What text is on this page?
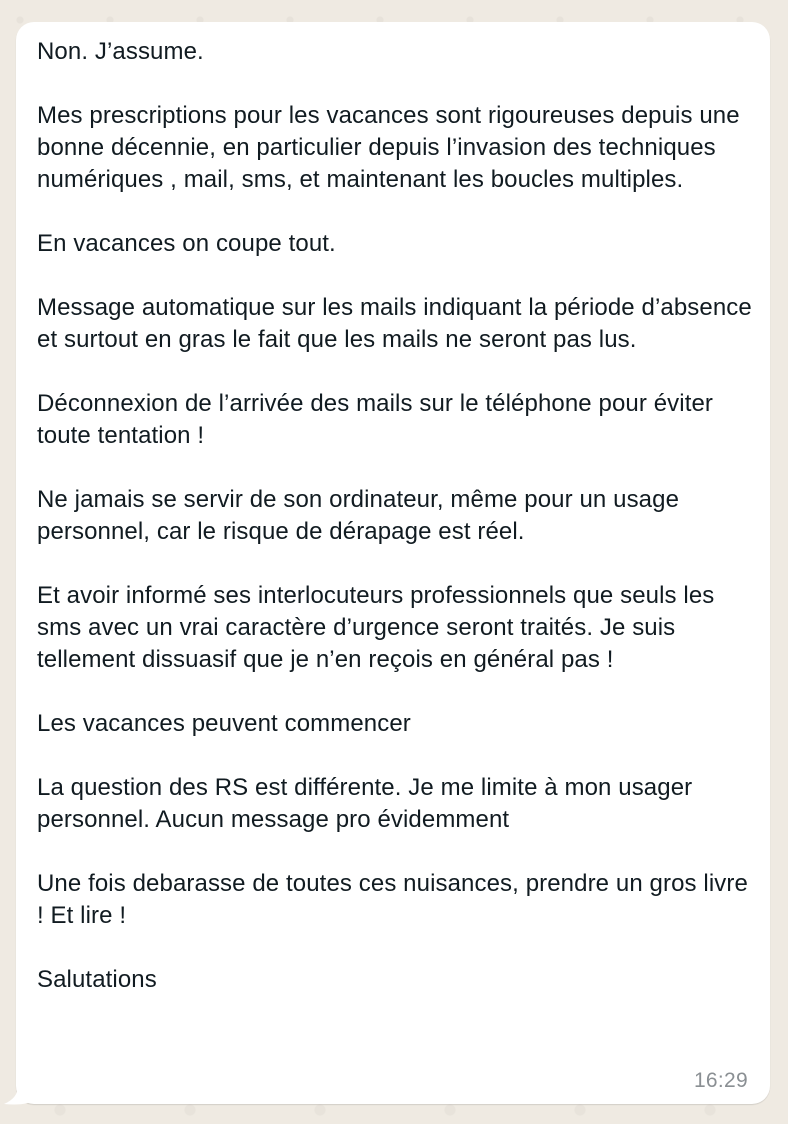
Non. J’assume.

Mes prescriptions pour les vacances sont rigoureuses depuis une bonne décennie, en particulier depuis l’invasion des techniques numériques , mail, sms, et maintenant les boucles multiples.

En vacances on coupe tout.

Message automatique sur les mails indiquant la période d’absence et surtout en gras le fait que les mails ne seront pas lus.

Déconnexion de l’arrivée des mails sur le téléphone pour éviter toute tentation !

Ne jamais se servir de son ordinateur, même pour un usage personnel, car le risque de dérapage est réel.

Et avoir informé ses interlocuteurs professionnels que seuls les sms avec un vrai caractère d’urgence seront traités. Je suis tellement dissuasif que je n’en reçois en général pas !

Les vacances peuvent commencer

La question des RS est différente. Je me limite à mon usager personnel. Aucun message pro évidemment

Une fois debarasse de toutes ces nuisances, prendre un gros livre ! Et lire !

Salutations

16:29
